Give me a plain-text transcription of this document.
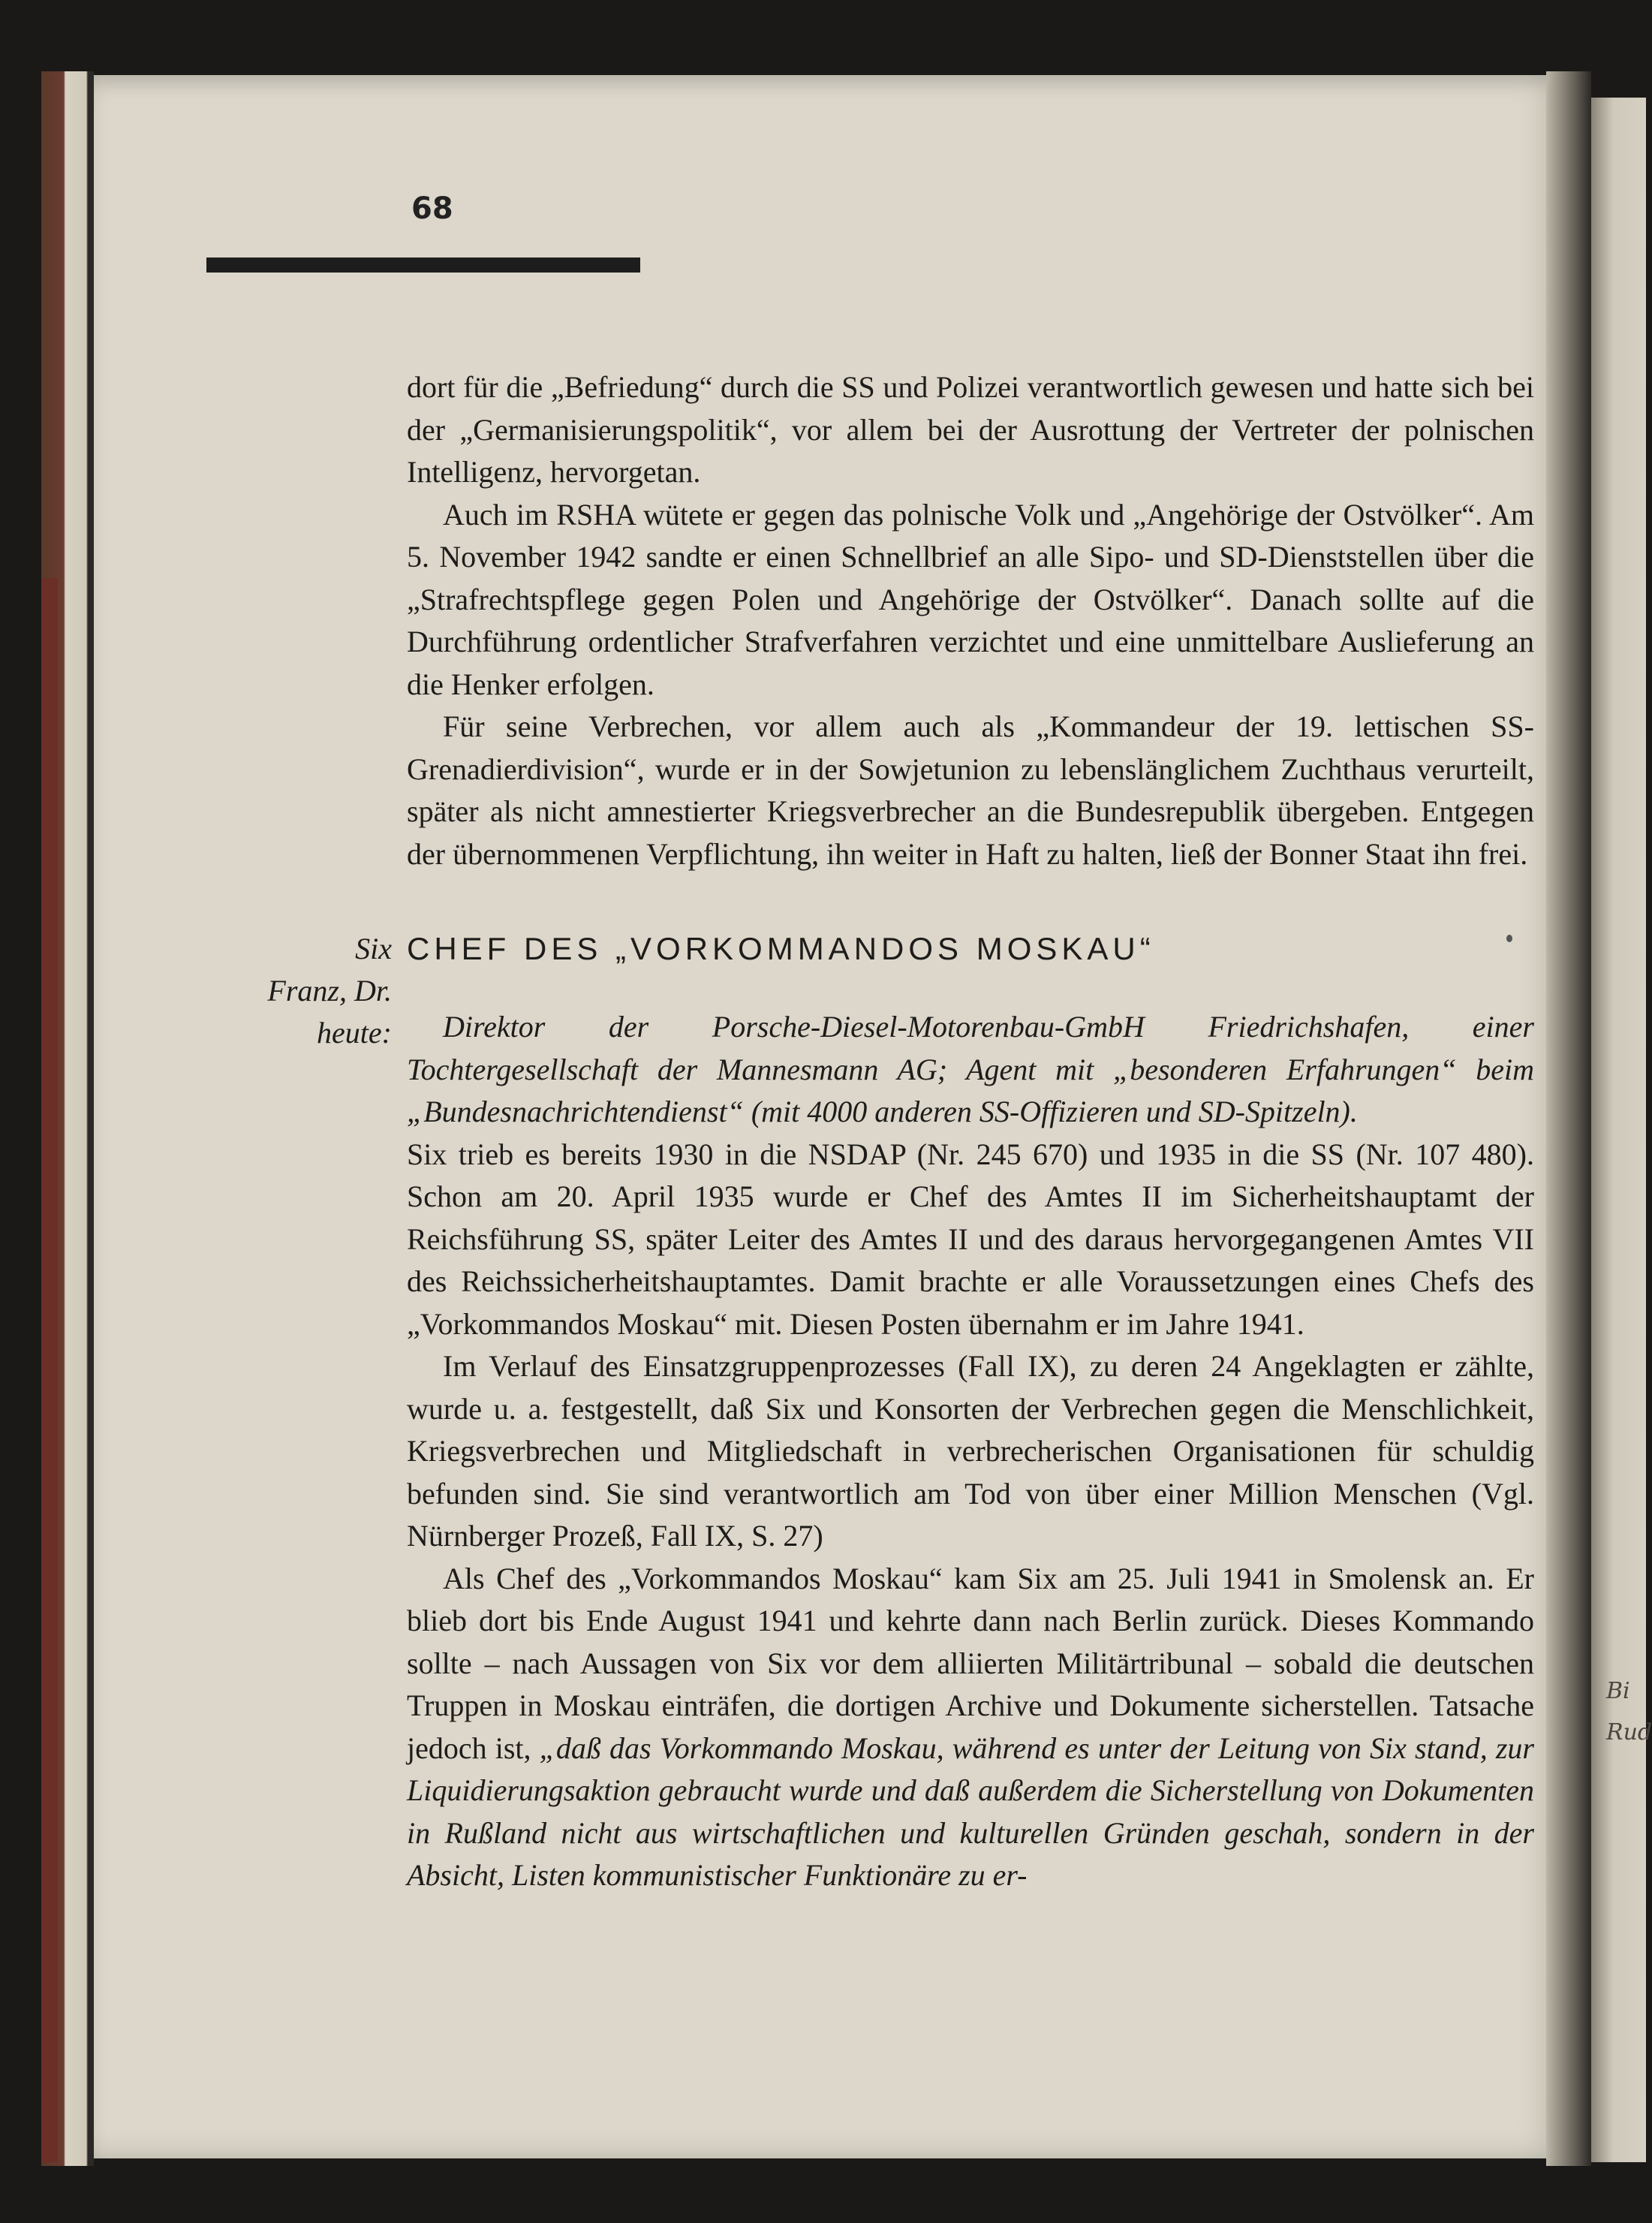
Bi
Rud
68

dort für die „Befriedung“ durch die SS und Polizei verantwortlich gewesen und hatte sich bei der „Germanisierungspolitik“, vor allem bei der Ausrottung der Vertreter der polnischen Intelligenz, hervorgetan.

Auch im RSHA wütete er gegen das polnische Volk und „Angehörige der Ostvölker“. Am 5. November 1942 sandte er einen Schnellbrief an alle Sipo- und SD-Dienststellen über die „Strafrechtspflege gegen Polen und Angehörige der Ostvölker“. Danach sollte auf die Durchführung ordentlicher Strafverfahren verzichtet und eine unmittelbare Auslieferung an die Henker erfolgen.

Für seine Verbrechen, vor allem auch als „Kommandeur der 19. lettischen SS-Grenadierdivision“, wurde er in der Sowjetunion zu lebenslänglichem Zuchthaus verurteilt, später als nicht amnestierter Kriegsverbrecher an die Bundesrepublik übergeben. Entgegen der übernommenen Verpflichtung, ihn weiter in Haft zu halten, ließ der Bonner Staat ihn frei.

Six
Franz, Dr.
heute:
CHEF DES „VORKOMMANDOS MOSKAU“

Direktor der Porsche-Diesel-Motorenbau-GmbH Friedrichshafen, einer Tochtergesellschaft der Mannesmann AG; Agent mit „besonderen Erfahrungen“ beim „Bundesnachrichtendienst“ (mit 4000 anderen SS-Offizieren und SD-Spitzeln).

Six trieb es bereits 1930 in die NSDAP (Nr. 245 670) und 1935 in die SS (Nr. 107 480). Schon am 20. April 1935 wurde er Chef des Amtes II im Sicherheitshauptamt der Reichsführung SS, später Leiter des Amtes II und des daraus hervorgegangenen Amtes VII des Reichssicherheitshauptamtes. Damit brachte er alle Voraussetzungen eines Chefs des „Vorkommandos Moskau“ mit. Diesen Posten übernahm er im Jahre 1941.

Im Verlauf des Einsatzgruppenprozesses (Fall IX), zu deren 24 Angeklagten er zählte, wurde u. a. festgestellt, daß Six und Konsorten der Verbrechen gegen die Menschlichkeit, Kriegsverbrechen und Mitgliedschaft in verbrecherischen Organisationen für schuldig befunden sind. Sie sind verantwortlich am Tod von über einer Million Menschen (Vgl. Nürnberger Prozeß, Fall IX, S. 27)

Als Chef des „Vorkommandos Moskau“ kam Six am 25. Juli 1941 in Smolensk an. Er blieb dort bis Ende August 1941 und kehrte dann nach Berlin zurück. Dieses Kommando sollte – nach Aussagen von Six vor dem alliierten Militärtribunal – sobald die deutschen Truppen in Moskau einträfen, die dortigen Archive und Dokumente sicherstellen. Tatsache jedoch ist, „daß das Vorkommando Moskau, während es unter der Leitung von Six stand, zur Liquidierungsaktion gebraucht wurde und daß außerdem die Sicherstellung von Dokumenten in Rußland nicht aus wirtschaftlichen und kulturellen Gründen geschah, sondern in der Absicht, Listen kommunistischer Funktionäre zu er-
